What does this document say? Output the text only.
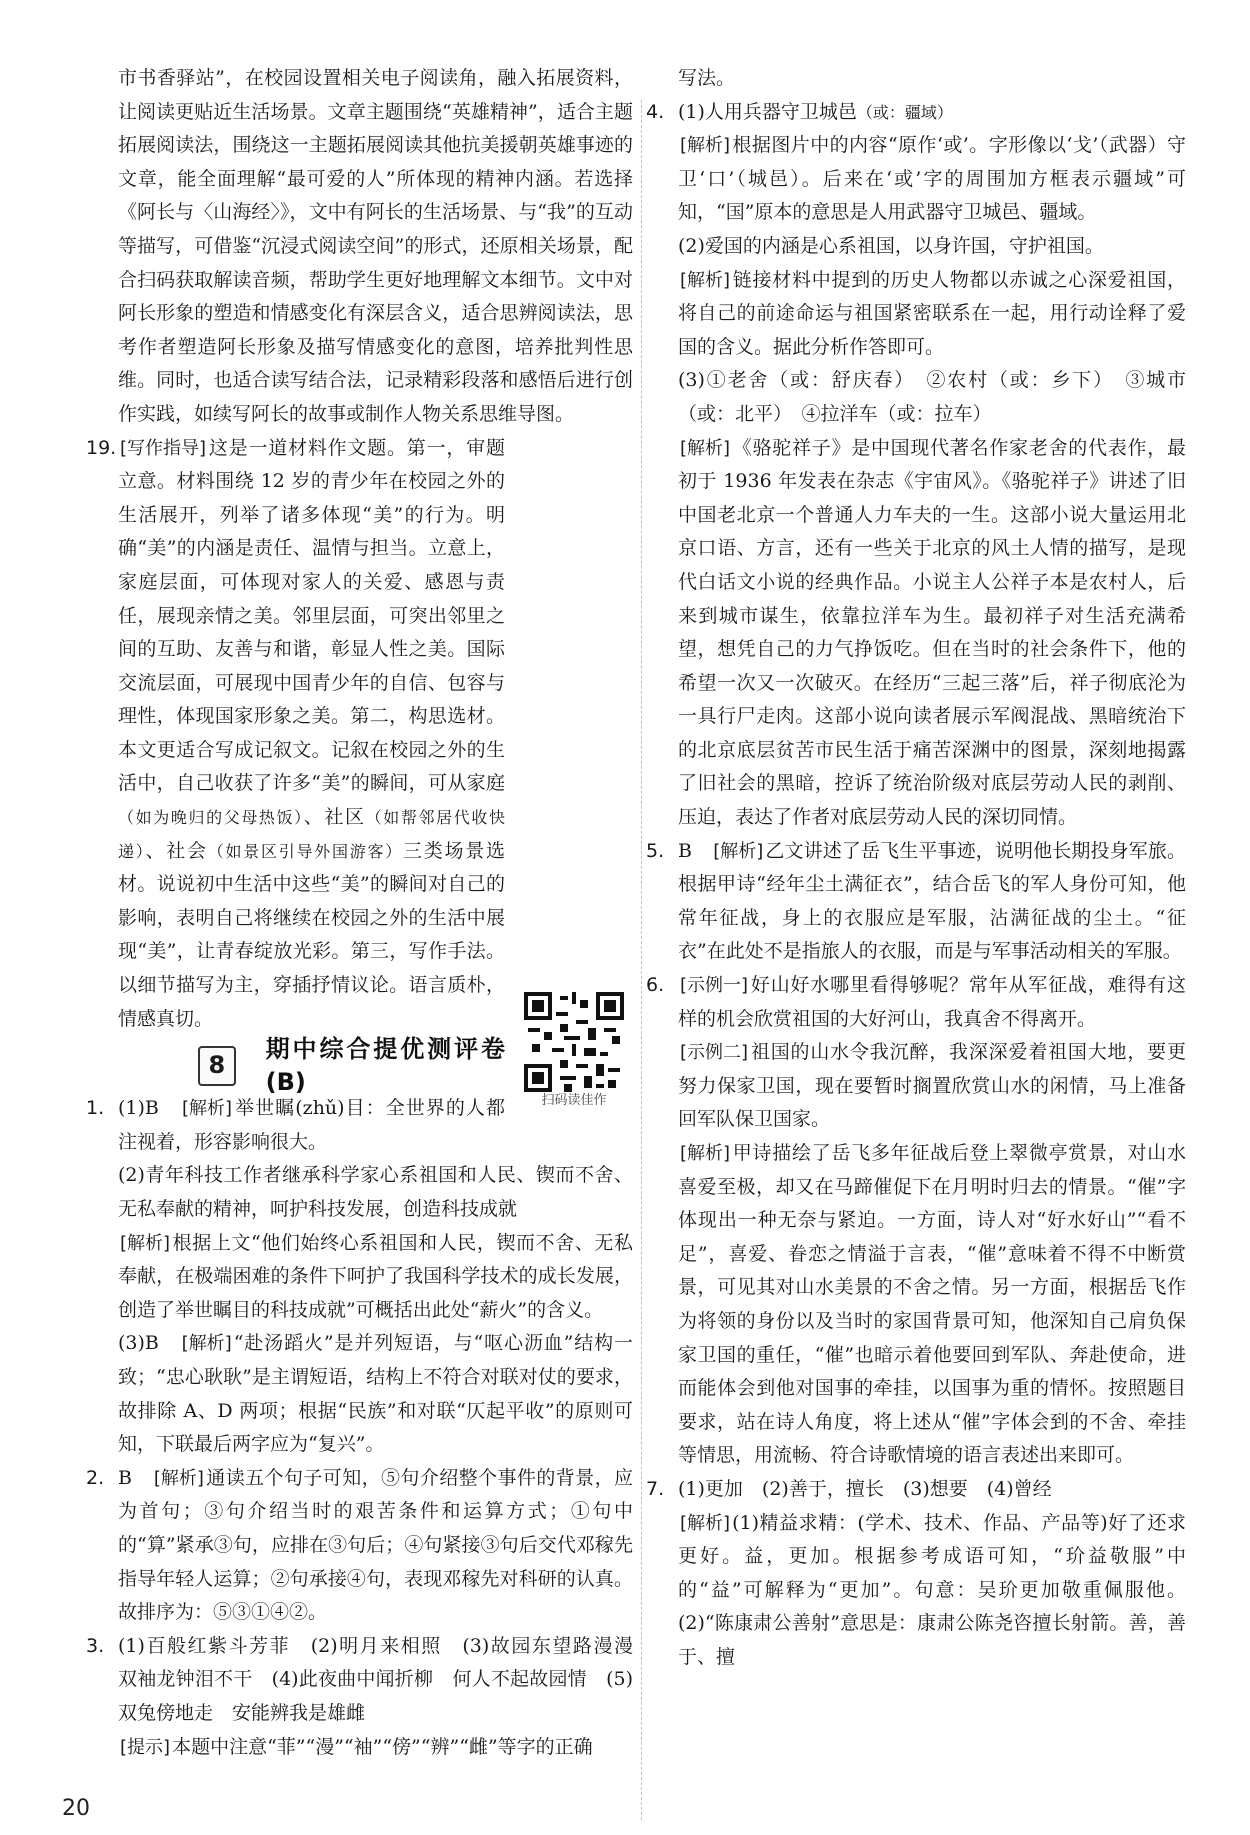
市书香驿站”，在校园设置相关电子阅读角，融入拓展资料，让阅读更贴近生活场景。文章主题围绕“英雄精神”，适合主题拓展阅读法，围绕这一主题拓展阅读其他抗美援朝英雄事迹的文章，能全面理解“最可爱的人”所体现的精神内涵。若选择《阿长与〈山海经〉》，文中有阿长的生活场景、与“我”的互动等描写，可借鉴“沉浸式阅读空间”的形式，还原相关场景，配合扫码获取解读音频，帮助学生更好地理解文本细节。文中对阿长形象的塑造和情感变化有深层含义，适合思辨阅读法，思考作者塑造阿长形象及描写情感变化的意图，培养批判性思维。同时，也适合读写结合法，记录精彩段落和感悟后进行创作实践，如续写阿长的故事或制作人物关系思维导图。

19.
扫码读佳作
[ 写作指导 ] 这是一道材料作文题。第一，审题立意。材料围绕 12 岁的青少年在校园之外的生活展开，列举了诸多体现“美”的行为。明确“美”的内涵是责任、温情与担当。立意上，家庭层面，可体现对家人的关爱、感恩与责任，展现亲情之美。邻里层面，可突出邻里之间的互助、友善与和谐，彰显人性之美。国际交流层面，可展现中国青少年的自信、包容与理性，体现国家形象之美。第二，构思选材。本文更适合写成记叙文。记叙在校园之外的生活中，自己收获了许多“美”的瞬间，可从家庭（如为晚归的父母热饭）、社区（如帮邻居代收快递）、社会（如景区引导外国游客）三类场景选材。说说初中生活中这些“美”的瞬间对自己的影响，表明自己将继续在校园之外的生活中展现“美”，让青春绽放光彩。第三，写作手法。以细节描写为主，穿插抒情议论。语言质朴，情感真切。
8
期中综合提优测评卷(B)
1. (1)B　 [ 解析 ] 举世瞩(zhǔ)目：全世界的人都注视着，形容影响很大。
(2)青年科技工作者继承科学家心系祖国和人民、锲而不舍、无私奉献的精神，呵护科技发展，创造科技成就
[ 解析 ] 根据上文“他们始终心系祖国和人民，锲而不舍、无私奉献，在极端困难的条件下呵护了我国科学技术的成长发展，创造了举世瞩目的科技成就”可概括出此处“薪火”的含义。
(3)B　 [ 解析 ] “赴汤蹈火”是并列短语，与“呕心沥血”结构一致；“忠心耿耿”是主谓短语，结构上不符合对联对仗的要求，故排除 A、D 两项；根据“民族”和对联“仄起平收”的原则可知，下联最后两字应为“复兴”。
2. B　 [ 解析 ] 通读五个句子可知，⑤句介绍整个事件的背景，应为首句；③句介绍当时的艰苦条件和运算方式；①句中的“算”紧承③句，应排在③句后；④句紧接③句后交代邓稼先指导年轻人运算；②句承接④句，表现邓稼先对科研的认真。故排序为：⑤③①④②。
3. (1)百般红紫斗芳菲　(2)明月来相照　(3)故园东望路漫漫　双袖龙钟泪不干　(4)此夜曲中闻折柳　何人不起故园情　(5)双兔傍地走　安能辨我是雄雌
[ 提示 ] 本题中注意“菲”“漫”“袖”“傍”“辨”“雌”等字的正确

写法。

4. (1)人用兵器守卫城邑（或：疆域）
[ 解析 ] 根据图片中的内容“原作‘或’。字形像以‘戈’（武器）守卫‘口’（城邑）。后来在‘或’字的周围加方框表示疆域”可知，“国”原本的意思是人用武器守卫城邑、疆域。
(2)爱国的内涵是心系祖国，以身许国，守护祖国。
[ 解析 ] 链接材料中提到的历史人物都以赤诚之心深爱祖国，将自己的前途命运与祖国紧密联系在一起，用行动诠释了爱国的含义。据此分析作答即可。
(3)①老舍（或：舒庆春）　②农村（或：乡下）　③城市（或：北平）　④拉洋车（或：拉车）
[ 解析 ] 《骆驼祥子》是中国现代著名作家老舍的代表作，最初于 1936 年发表在杂志《宇宙风》。《骆驼祥子》讲述了旧中国老北京一个普通人力车夫的一生。这部小说大量运用北京口语、方言，还有一些关于北京的风土人情的描写，是现代白话文小说的经典作品。小说主人公祥子本是农村人，后来到城市谋生，依靠拉洋车为生。最初祥子对生活充满希望，想凭自己的力气挣饭吃。但在当时的社会条件下，他的希望一次又一次破灭。在经历“三起三落”后，祥子彻底沦为一具行尸走肉。这部小说向读者展示军阀混战、黑暗统治下的北京底层贫苦市民生活于痛苦深渊中的图景，深刻地揭露了旧社会的黑暗，控诉了统治阶级对底层劳动人民的剥削、压迫，表达了作者对底层劳动人民的深切同情。
5. B　 [ 解析 ] 乙文讲述了岳飞生平事迹，说明他长期投身军旅。根据甲诗“经年尘土满征衣”，结合岳飞的军人身份可知，他常年征战，身上的衣服应是军服，沾满征战的尘土。“征衣”在此处不是指旅人的衣服，而是与军事活动相关的军服。
6.	[ 示例一 ] 好山好水哪里看得够呢？常年从军征战，难得有这样的机会欣赏祖国的大好河山，我真舍不得离开。
[ 示例二 ] 祖国的山水令我沉醉，我深深爱着祖国大地，要更努力保家卫国，现在要暂时搁置欣赏山水的闲情，马上准备回军队保卫国家。
[ 解析 ] 甲诗描绘了岳飞多年征战后登上翠微亭赏景，对山水喜爱至极，却又在马蹄催促下在月明时归去的情景。“催”字体现出一种无奈与紧迫。一方面，诗人对“好水好山”“看不足”，喜爱、眷恋之情溢于言表，“催”意味着不得不中断赏景，可见其对山水美景的不舍之情。另一方面，根据岳飞作为将领的身份以及当时的家国背景可知，他深知自己肩负保家卫国的重任，“催”也暗示着他要回到军队、奔赴使命，进而能体会到他对国事的牵挂，以国事为重的情怀。按照题目要求，站在诗人角度，将上述从“催”字体会到的不舍、牵挂等情思，用流畅、符合诗歌情境的语言表述出来即可。
7. (1)更加　(2)善于，擅长　(3)想要　(4)曾经
[ 解析 ] (1)精益求精：(学术、技术、作品、产品等)好了还求更好。益，更加。根据参考成语可知，“玠益敬服”中的“益”可解释为“更加”。句意：吴玠更加敬重佩服他。(2)“陈康肃公善射”意思是：康肃公陈尧咨擅长射箭。善，善于、擅
20
